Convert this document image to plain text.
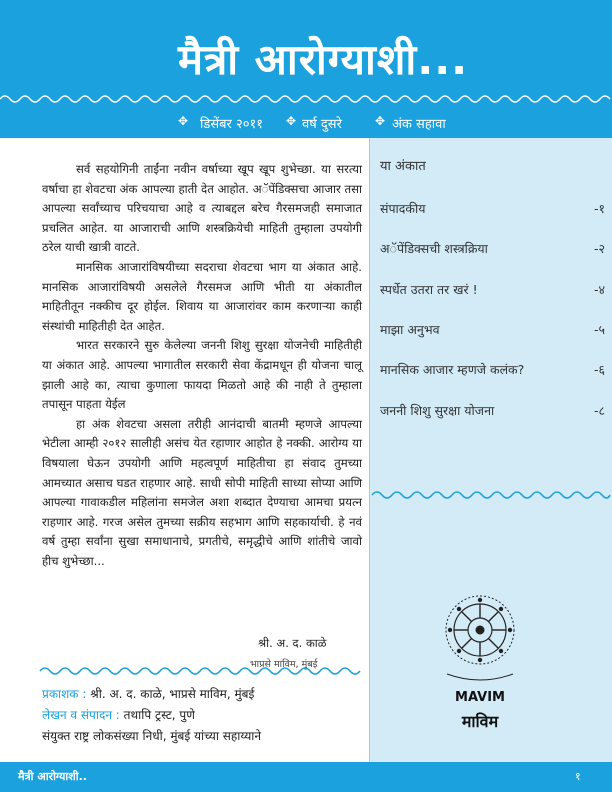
मैत्री आरोग्याशी...
✥ डिसेंबर २०११ ✥ वर्ष दुसरे	✥ अंक सहावा
या अंकात
संपादकीय	-१
अॅपेंडिक्सची शस्त्रक्रिया	-२
स्पर्धेत उतरा तर खरं !	-४
माझा अनुभव	-५
मानसिक आजार म्हणजे कलंक?	-६
जननी शिशु सुरक्षा योजना	-८

सर्व सहयोगिनी ताईंना नवीन वर्षाच्या खूप खूप शुभेच्छा. या सरत्या वर्षाचा हा शेवटचा अंक आपल्या हाती देत आहोत. अॅपेंडिक्सचा आजार तसा आपल्या सर्वांच्याच परिचयाचा आहे व त्याबद्दल बरेच गैरसमजही समाजात प्रचलित आहेत. या आजाराची आणि शस्त्रक्रियेची माहिती तुम्हाला उपयोगी ठरेल याची खात्री वाटते.

मानसिक आजारांविषयीच्या सदराचा शेवटचा भाग या अंकात आहे. मानसिक आजारांविषयी असलेले गैरसमज आणि भीती या अंकातील माहितीतून नक्कीच दूर होईल. शिवाय या आजारांवर काम करणाऱ्या काही संस्थांची माहितीही देत आहेत.

भारत सरकारने सुरु केलेल्या जननी शिशु सुरक्षा योजनेची माहितीही या अंकात आहे. आपल्या भागातील सरकारी सेवा केंद्रामधून ही योजना चालू झाली आहे का, त्याचा कुणाला फायदा मिळतो आहे की नाही ते तुम्हाला तपासून पाहता येईल

हा अंक शेवटचा असला तरीही आनंदाची बातमी म्हणजे आपल्या भेटीला आम्ही २०१२ सालीही असंच येत रहाणार आहोत हे नक्की. आरोग्य या विषयाला घेऊन उपयोगी आणि महत्वपूर्ण माहितीचा हा संवाद तुमच्या आमच्यात असाच घडत राहणार आहे. साधी सोपी माहिती साध्या सोप्या आणि आपल्या गावाकडील महिलांना समजेल अशा शब्दात देण्याचा आमचा प्रयत्न राहणार आहे. गरज असेल तुमच्या सक्रीय सहभाग आणि सहकार्याची. हे नवं वर्ष तुम्हा सर्वांना सुखा समाधानाचे, प्रगतीचे, समृद्धीचे आणि शांतीचे जावो हीच शुभेच्छा...

श्री. अ. द. काळे
भाप्रसे माविम, मुंबई
प्रकाशक : श्री. अ. द. काळे, भाप्रसे माविम, मुंबई
लेखन व संपादन : तथापि ट्रस्ट, पुणे
संयुक्त राष्ट्र लोकसंख्या निधी, मुंबई यांच्या सहाय्याने
MAVIM
माविम
मैत्री आरोग्याशी..	१
